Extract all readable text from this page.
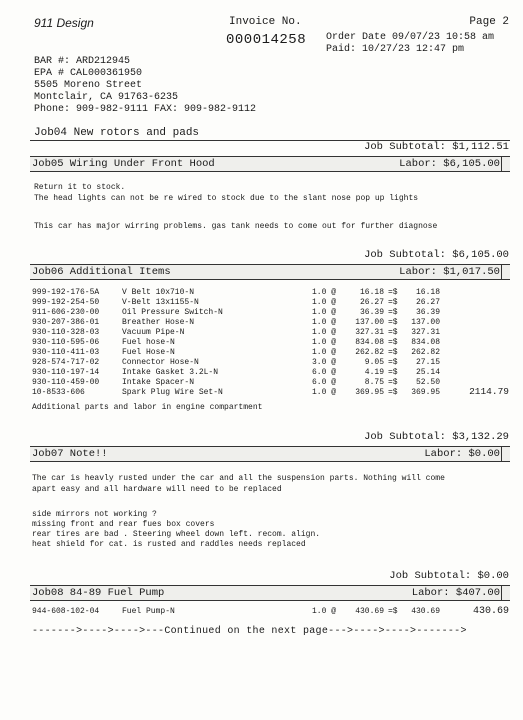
911 Design	Invoice No.
000014258
Page 2
Order Date 09/07/23 10:58 am
Paid: 10/27/23 12:47 pm
BAR #: ARD212945
EPA # CAL000361950
5505 Moreno Street
Montclair, CA 91763-6235
Phone: 909-982-9111 FAX: 909-982-9112
Job04 New rotors and pads
Job Subtotal: $1,112.51
Job05 Wiring Under Front Hood	Labor: $6,105.00
Return it to stock.
The head lights can not be re wired to stock due to the slant nose pop up lights
This car has major wirring problems. gas tank needs to come out for further diagnose
Job Subtotal: $6,105.00
Job06 Additional Items	Labor: $1,017.50
999-192-176-5A	V Belt 10x710-N	1.0 @	16.18 =$	16.18
999-192-254-50	V-Belt 13x1155-N	1.0 @	26.27 =$	26.27
911-606-230-00	Oil Pressure Switch-N	1.0 @	36.39 =$	36.39
930-207-386-01	Breather Hose-N	1.0 @	137.00 =$	137.00
930-110-328-03	Vacuum Pipe-N	1.0 @	327.31 =$	327.31
930-110-595-06	Fuel hose-N	1.0 @	834.08 =$	834.08
930-110-411-03	Fuel Hose-N	1.0 @	262.82 =$	262.82
928-574-717-02	Connector Hose-N	3.0 @	9.05 =$	27.15
930-110-197-14	Intake Gasket 3.2L-N	6.0 @	4.19 =$	25.14
930-110-459-00	Intake Spacer-N	6.0 @	8.75 =$	52.50
10-8533-606	Spark Plug Wire Set-N	1.0 @	369.95 =$	369.95	2114.79
Additional parts and labor in engine compartment
Job Subtotal: $3,132.29
Job07 Note!!	Labor: $0.00
The car is heavly rusted under the car and all the suspension parts. Nothing will come
apart easy and all hardware will need to be replaced
side mirrors not working ?
missing front and rear fues box covers
rear tires are bad . Steering wheel down left. recom. align.
heat shield for cat. is rusted and raddles needs replaced
Job Subtotal: $0.00
Job08 84-89 Fuel Pump	Labor: $407.00
944-608-102-04	Fuel Pump-N	1.0 @	430.69 =$	430.69	430.69
------->---->---->---Continued on the next page--->---->---->------->
